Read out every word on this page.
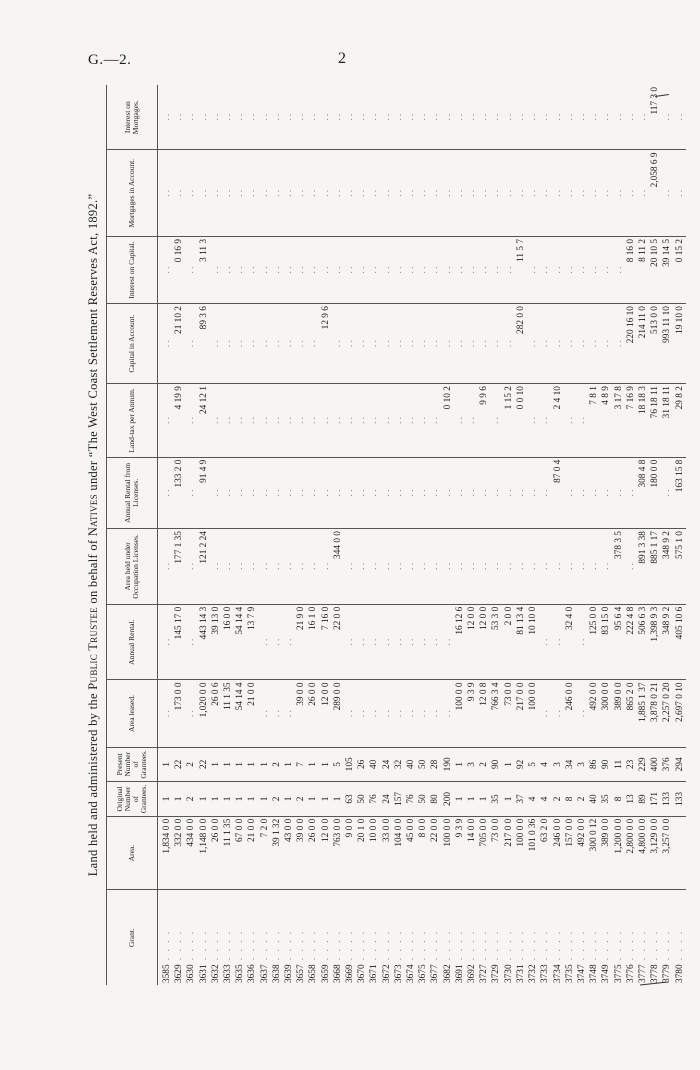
G.—2.	2
Land held and administered by the Public Trustee on behalf of Natives under “The West Coast Settlement Reserves Act, 1892.”
Grant.	Area.	Original Number of Grantees.	Present Number of Grantees.	Area leased.	Annual Rental.	Area held under Occupation Licenses.	Annual Rental from Licenses.	Land-tax per Annum.	Capital in Account.	Interest on Capital.	Mortgages in Account.	Interest on Mortgages.
3585 . . . .	1,834 0 0	1	1	. .	. .	. .	. .	. .	. .	. .	. .	. .
3629 . . . .	332 0 0	1	22	173 0 0	145 17 0	177 1 35	133 2 0	4 19 9	21 10 2	0 16 9	. .	. .
3630 . . . .	434 0 0	2	2	. .	. .	. .	. .	. .	. .	. .	. .	. .
3631 . . . .	1,148 0 0	1	22	1,020 0 0	443 14 3	121 2 24	91 4 9	24 12 1	89 3 6	3 11 3	. .	. .
3632 . . . .	26 0 0	1	1	26 0 6	39 13 0	. .	. .	. .	. .	. .	. .	. .
3633 . . . .	11 1 35	1	1	11 1 35	16 0 0	. .	. .	. .	. .	. .	. .	. .
3635 . . . .	67 0 0	1	1	54 14 4	54 14 4	. .	. .	. .	. .	. .	. .	. .
3636 . . . .	21 0 0	1	1	21 0 0	13 7 9	. .	. .	. .	. .	. .	. .	. .
3637 . . . .	7 2 0	1	1	. .	. .	. .	. .	. .	. .	. .	. .	. .
3638 . . . .	39 1 32	2	2	. .	. .	. .	. .	. .	. .	. .	. .	. .
3639 . . . .	43 0 0	1	1	. .	. .	. .	. .	. .	. .	. .	. .	. .
3657 . . . .	39 0 0	2	7	39 0 0	21 9 0	. .	. .	. .	. .	. .	. .	. .
3658 . . . .	26 0 0	1	1	26 0 0	16 1 0	. .	. .	. .	. .	. .	. .	. .
3659 . . . .	12 0 0	1	1	12 0 0	7 16 0	. .	. .	. .	12 9 6	. .	. .	. .
3668 . . . .	763 0 0	1	5	289 0 0	22 0 0	344 0 0	. .	. .	. .	. .	. .	. .
3669 . . . .	9 0 0	63	105	. .	. .	. .	. .	. .	. .	. .	. .	. .
3670 . . . .	20 1 0	50	26	. .	. .	. .	. .	. .	. .	. .	. .	. .
3671 . . . .	10 0 0	76	40	. .	. .	. .	. .	. .	. .	. .	. .	. .
3672 . . . .	33 0 0	24	24	. .	. .	. .	. .	. .	. .	. .	. .	. .
3673 . . . .	104 0 0	157	32	. .	. .	. .	. .	. .	. .	. .	. .	. .
3674 . . . .	45 0 0	76	40	. .	. .	. .	. .	. .	. .	. .	. .	. .
3675 . . . .	8 0 0	50	50	. .	. .	. .	. .	. .	. .	. .	. .	. .
3677 . . . .	22 0 0	80	28	. .	. .	. .	. .	. .	. .	. .	. .	. .
3682 . . . .	100 0 0	200	190	. .	. .	. .	. .	0 10 2	. .	. .	. .	. .
3691 . . . .	9 3 9	1	1	100 0 0	16 12 6	. .	. .	. .	. .	. .	. .	. .
3692 . . . .	14 0 0	1	3	9 3 9	12 0 0	. .	. .	. .	. .	. .	. .	. .
3727 . . . .	705 0 0	1	2	12 0 8	12 0 0	. .	. .	9 9 6	. .	. .	. .	. .
3729 . . . .	73 0 0	35	90	766 3 4	53 3 0	. .	. .	. .	. .	. .	. .	. .
3730 . . . .	217 0 0	1	1	73 0 0	2 0 0	. .	. .	1 15 2	. .	. .	. .	. .
3731 . . . .	100 0 0	37	92	217 0 0	81 13 4	. .	. .	0 0 10	282 0 0	11 5 7	. .	. .
3732 . . . .	101 0 36	4	5	100 0 0	10 10 0	. .	. .	. .	. .	. .	. .	. .
3733 . . . .	63 2 0	4	4	. .	. .	. .	. .	. .	. .	. .	. .	. .
3734 . . . .	246 0 0	2	3	. .	. .	. .	87 0 4	2 4 10	. .	. .	. .	. .
3735 . . . .	157 0 0	8	34	246 0 0	32 4 0	. .	. .	. .	. .	. .	. .	. .
3747 . . . .	492 0 0	2	3	. .	. .	. .	. .	. .	. .	. .	. .	. .
3748 . . . .	300 0 12	40	86	492 0 0	125 0 0	. .	. .	7 8 1	. .	. .	. .	. .
3749 . . . .	389 0 0	35	90	300 0 0	83 15 0	. .	. .	4 8 9	. .	. .	. .	. .
3775 . . . .	1,200 0 0	8	11	389 0 0	95 6 4	378 3 5	. .	3 17 8	. .	. .	. .	. .
3776 . . . .	2,800 0 0	13	23	865 2 0	222 4 8	. .	. .	7 16 9	220 16 10	8 16 0	. .	. .
3777 . . . .	4,800 0 0	89	229	1,885 1 37	506 6 3	891 3 38	308 4 8	18 18 3	214 11 0	8 11 2	. .	. .
3778 . . . .	3,129 0 0	171	400	3,878 0 21	1,398 9 3	885 1 17	180 0 0	76 18 11	513 0 0	20 10 5	2,058 6 9	117 3 0
3779 . . . .	3,257 0 0	133	376	2,257 0 20	348 9 2	348 9 2	. .	31 18 11	993 11 10	39 14 5	. .	. .
3780 . . . .		133	294	2,697 0 10	405 10 6	575 1 0	163 15 8	29 8 2	19 10 0	0 15 2	. .	. .
